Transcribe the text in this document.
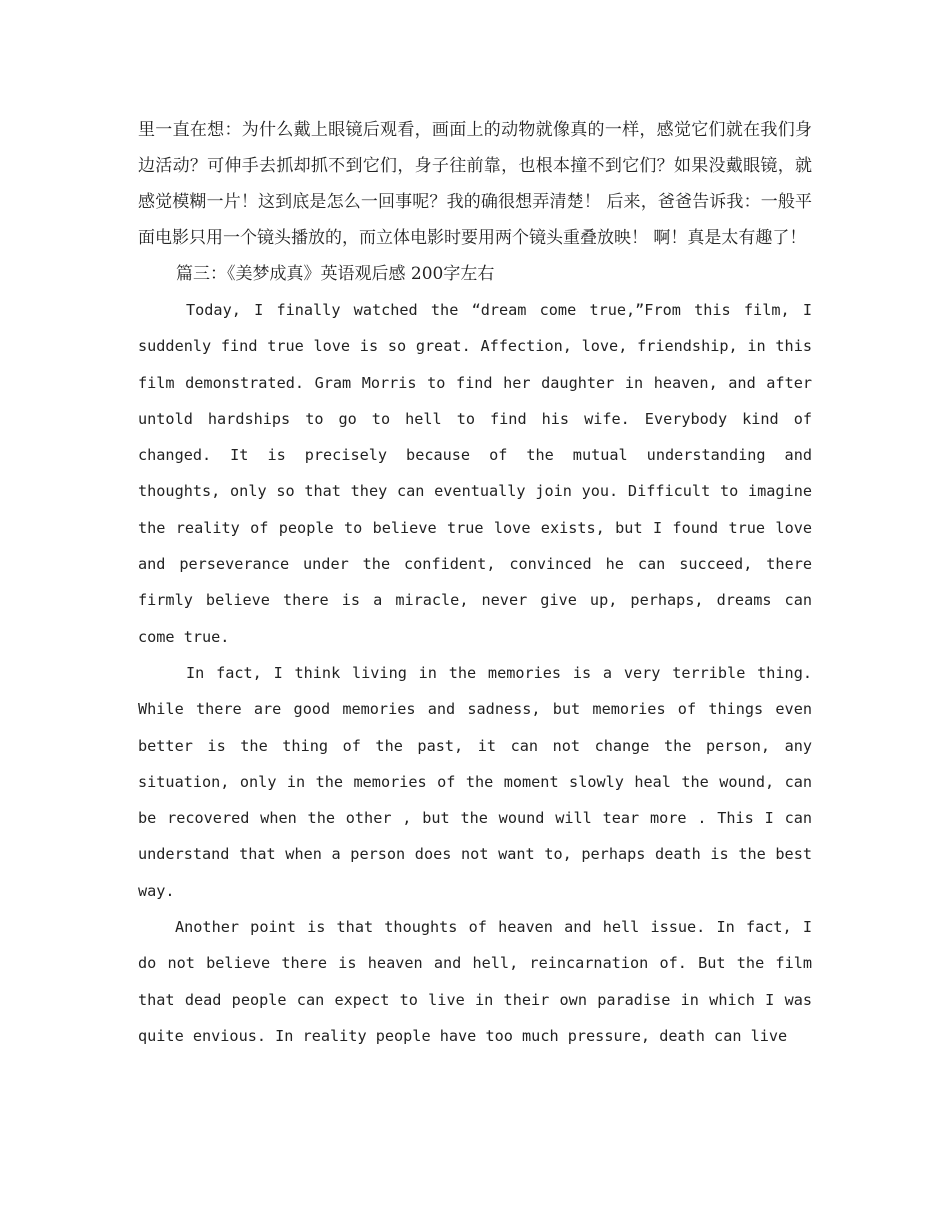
里一直在想：为什么戴上眼镜后观看，画面上的动物就像真的一样，感觉它们就在我们身边活动？可伸手去抓却抓不到它们，身子往前靠，也根本撞不到它们？如果没戴眼镜，就感觉模糊一片！这到底是怎么一回事呢？我的确很想弄清楚！ 后来，爸爸告诉我：一般平面电影只用一个镜头播放的，而立体电影时要用两个镜头重叠放映！ 啊！真是太有趣了！

篇三：《美梦成真》英语观后感 200字左右

Today, I finally watched the “dream come true,”From this film, I suddenly find true love is so great. Affection, love, friendship, in this film demonstrated. Gram Morris to find her daughter in heaven, and after untold hardships to go to hell to find his wife. Everybody kind of changed. It is precisely because of the mutual understanding and thoughts, only so that they can eventually join you. Difficult to imagine the reality of people to believe true love exists, but I found true love and perseverance under the confident, convinced he can succeed, there firmly believe there is a miracle, never give up, perhaps, dreams can come true.

In fact, I think living in the memories is a very terrible thing. While there are good memories and sadness, but memories of things even better is the thing of the past, it can not change the person, any situation, only in the memories of the moment slowly heal the wound, can be recovered when the other , but the wound will tear more . This I can understand that when a person does not want to, perhaps death is the best way.

Another point is that thoughts of heaven and hell issue. In fact, I do not believe there is heaven and hell, reincarnation of. But the film that dead people can expect to live in their own paradise in which I was quite envious. In reality people have too much pressure, death can live
